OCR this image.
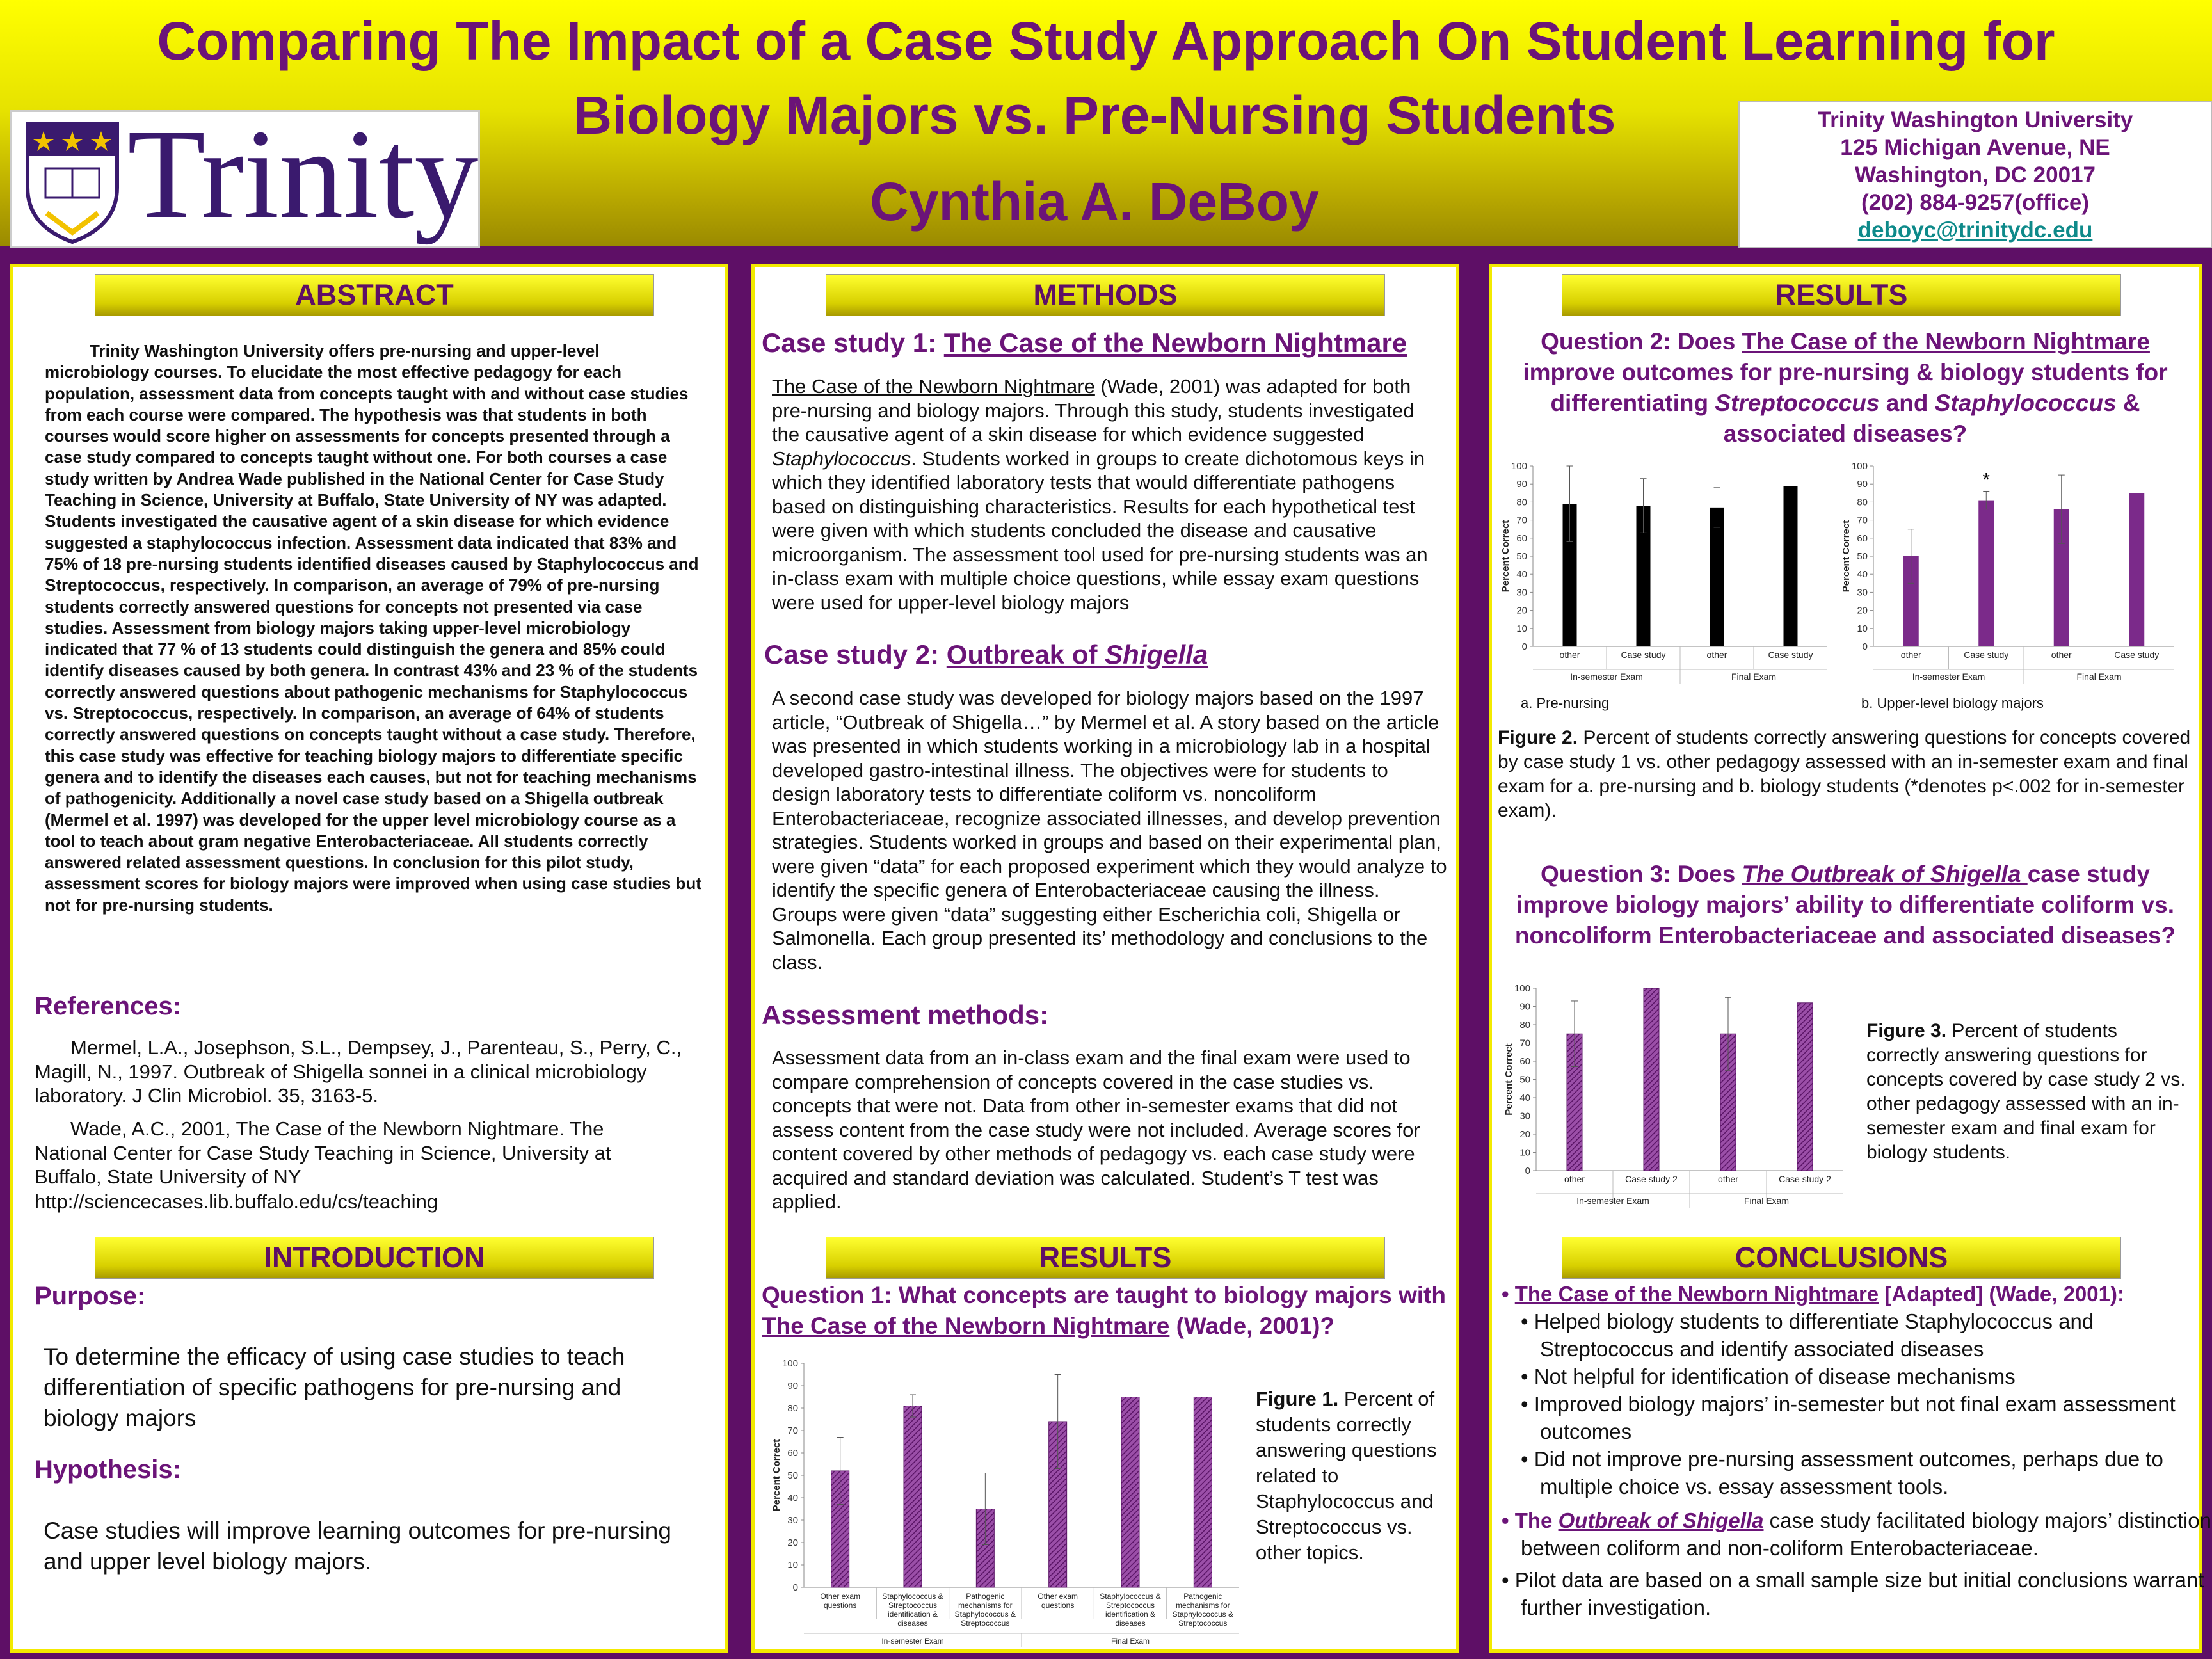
Comparing The Impact of a Case Study Approach On Student Learning for
Biology Majors vs. Pre-Nursing Students
Cynthia A. DeBoy
Trinity	Trinity Washington University
125 Michigan Avenue, NE
Washington, DC 20017
(202) 884-9257(office)
deboyc@trinitydc.edu
ABSTRACT
Trinity Washington University offers pre-nursing and upper-level microbiology courses. To elucidate the most effective pedagogy for each population, assessment data from concepts taught with and without case studies from each course were compared. The hypothesis was that students in both courses would score higher on assessments for concepts presented through a case study compared to concepts taught without one. For both courses a case study written by Andrea Wade published in the National Center for Case Study Teaching in Science, University at Buffalo, State University of NY was adapted. Students investigated the causative agent of a skin disease for which evidence suggested a staphylococcus infection. Assessment data indicated that 83% and 75% of 18 pre-nursing students identified diseases caused by Staphylococcus and Streptococcus, respectively. In comparison, an average of 79% of pre-nursing students correctly answered questions for concepts not presented via case studies. Assessment from biology majors taking upper-level microbiology indicated that 77 % of 13 students could distinguish the genera and 85% could identify diseases caused by both genera. In contrast 43% and 23 % of the students correctly answered questions about pathogenic mechanisms for Staphylococcus vs. Streptococcus, respectively. In comparison, an average of 64% of students correctly answered questions on concepts taught without a case study. Therefore, this case study was effective for teaching biology majors to differentiate specific genera and to identify the diseases each causes, but not for teaching mechanisms of pathogenicity. Additionally a novel case study based on a Shigella outbreak (Mermel et al. 1997) was developed for the upper level microbiology course as a tool to teach about gram negative Enterobacteriaceae. All students correctly answered related assessment questions. In conclusion for this pilot study, assessment scores for biology majors were improved when using case studies but not for pre-nursing students.
References:
Mermel, L.A., Josephson, S.L., Dempsey, J., Parenteau, S., Perry, C., Magill, N., 1997. Outbreak of Shigella sonnei in a clinical microbiology laboratory. J Clin Microbiol. 35, 3163-5.
Wade, A.C., 2001, The Case of the Newborn Nightmare. The National Center for Case Study Teaching in Science, University at Buffalo, State University of NY
http://sciencecases.lib.buffalo.edu/cs/teaching
INTRODUCTION
Purpose:
To determine the efficacy of using case studies to teach differentiation of specific pathogens for pre-nursing and biology majors
Hypothesis:
Case studies will improve learning outcomes for pre-nursing and upper level biology majors.
METHODS
Case study 1: The Case of the Newborn Nightmare
The Case of the Newborn Nightmare (Wade, 2001) was adapted for both pre-nursing and biology majors. Through this study, students investigated the causative agent of a skin disease for which evidence suggested Staphylococcus. Students worked in groups to create dichotomous keys in which they identified laboratory tests that would differentiate pathogens based on distinguishing characteristics. Results for each hypothetical test were given with which students concluded the disease and causative microorganism. The assessment tool used for pre-nursing students was an in-class exam with multiple choice questions, while essay exam questions were used for upper-level biology majors
Case study 2: Outbreak of Shigella
A second case study was developed for biology majors based on the 1997 article, “Outbreak of Shigella…” by Mermel et al. A story based on the article was presented in which students working in a microbiology lab in a hospital developed gastro-intestinal illness. The objectives were for students to design laboratory tests to differentiate coliform vs. noncoliform Enterobacteriaceae, recognize associated illnesses, and develop prevention strategies. Students worked in groups and based on their experimental plan, were given “data” for each proposed experiment which they would analyze to identify the specific genera of Enterobacteriaceae causing the illness. Groups were given “data” suggesting either Escherichia coli, Shigella or Salmonella. Each group presented its’ methodology and conclusions to the class.
Assessment methods:
Assessment data from an in-class exam and the final exam were used to compare comprehension of concepts covered in the case studies vs. concepts that were not. Data from other in-semester exams that did not assess content from the case study were not included. Average scores for content covered by other methods of pedagogy vs. each case study were acquired and standard deviation was calculated. Student’s T test was applied.
RESULTS
Question 1: What concepts are taught to biology majors with The Case of the Newborn Nightmare (Wade, 2001)?
0
10
20
30
40
50
60
70
80
90
100
Percent Correct
Other exam
questions
Staphylococcus &
Streptococcus
identification &
diseases
Pathogenic
mechanisms for
Staphylococcus &
Streptococcus
Other exam
questions
Staphylococcus &
Streptococcus
identification &
diseases
Pathogenic
mechanisms for
Staphylococcus &
Streptococcus
In-semester Exam	Final Exam
Figure 1. Percent of students correctly answering questions related to Staphylococcus and Streptococcus vs. other topics.
RESULTS
Question 2: Does The Case of the Newborn Nightmare improve outcomes for pre-nursing & biology students for differentiating Streptococcus and Staphylococcus & associated diseases?
0
10
20
30
40
50
60
70
80
90
100
Percent Correct
other	Case study	other	Case study
In-semester Exam	Final Exam
a. Pre-nursing
0
10
20
30
40
50
60
70
80
90
100
Percent Correct
other	Case study	other	Case study
*
In-semester Exam	Final Exam
b. Upper-level biology majors
Figure 2. Percent of students correctly answering questions for concepts covered by case study 1 vs. other pedagogy assessed with an in-semester exam and final exam for a. pre-nursing and b. biology students (*denotes p<.002 for in-semester exam).
Question 3: Does The Outbreak of Shigella case study improve biology majors’ ability to differentiate coliform vs. noncoliform Enterobacteriaceae and associated diseases?
0
10
20
30
40
50
60
70
80
90
100
Percent Correct
other	Case study 2	other	Case study 2
In-semester Exam	Final Exam
Figure 3. Percent of students correctly answering questions for concepts covered by case study 2 vs. other pedagogy assessed with an in-semester exam and final exam for biology students.
CONCLUSIONS
• The Case of the Newborn Nightmare [Adapted] (Wade, 2001):
• Helped biology students to differentiate Staphylococcus and Streptococcus and identify associated diseases
• Not helpful for identification of disease mechanisms
• Improved biology majors’ in-semester but not final exam assessment outcomes
• Did not improve pre-nursing assessment outcomes, perhaps due to multiple choice vs. essay assessment tools.
• The Outbreak of Shigella case study facilitated biology majors’ distinction between coliform and non-coliform Enterobacteriaceae.
• Pilot data are based on a small sample size but initial conclusions warrant further investigation.
